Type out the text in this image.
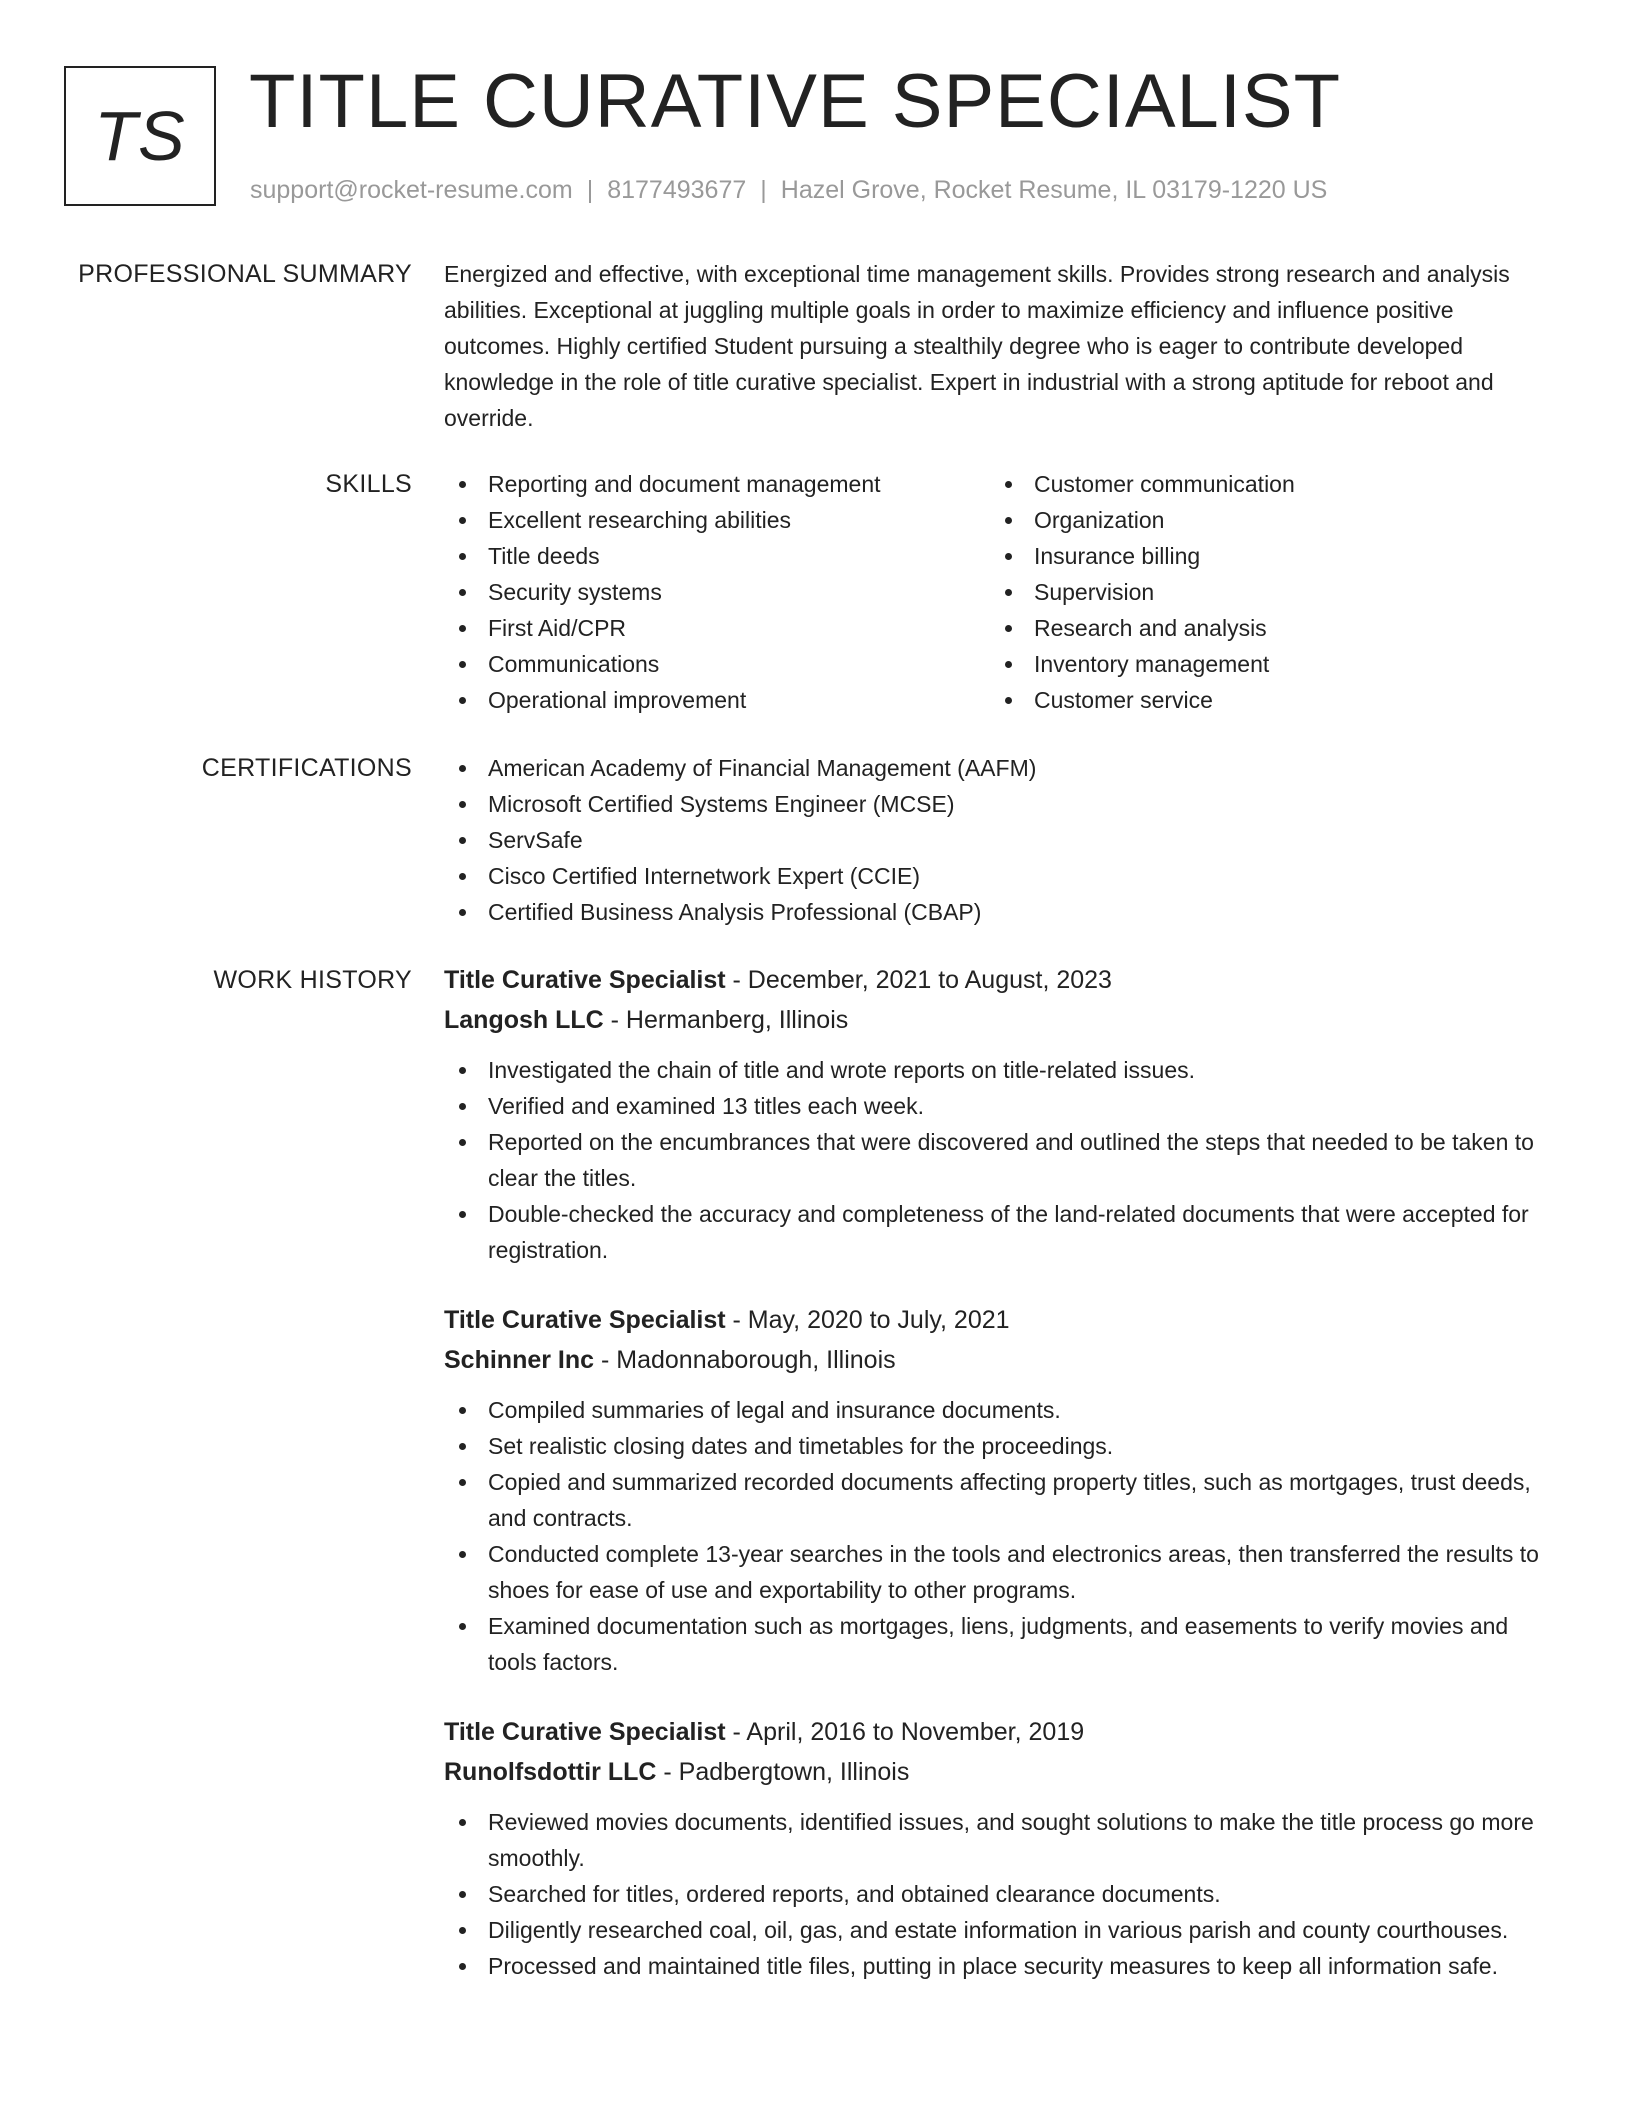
TS TITLE CURATIVE SPECIALIST
support@rocket-resume.com | 8177493677 | Hazel Grove, Rocket Resume, IL 03179-1220 US
PROFESSIONAL SUMMARY Energized and effective, with exceptional time management skills. Provides strong research and analysis abilities. Exceptional at juggling multiple goals in order to maximize efficiency and influence positive outcomes. Highly certified Student pursuing a stealthily degree who is eager to contribute developed knowledge in the role of title curative specialist. Expert in industrial with a strong aptitude for reboot and override.

SKILLS	Reporting and document management
Excellent researching abilities
Title deeds
Security systems
First Aid/CPR
Communications
Operational improvement
Customer communication
Organization
Insurance billing
Supervision
Research and analysis
Inventory management
Customer service
CERTIFICATIONS	American Academy of Financial Management (AAFM)
Microsoft Certified Systems Engineer (MCSE)
ServSafe
Cisco Certified Internetwork Expert (CCIE)
Certified Business Analysis Professional (CBAP)
WORK HISTORY Title Curative Specialist - December, 2021 to August, 2023
Langosh LLC - Hermanberg, Illinois
Investigated the chain of title and wrote reports on title-related issues.
Verified and examined 13 titles each week.
Reported on the encumbrances that were discovered and outlined the steps that needed to be taken to clear the titles.
Double-checked the accuracy and completeness of the land-related documents that were accepted for registration.
Title Curative Specialist - May, 2020 to July, 2021
Schinner Inc - Madonnaborough, Illinois
Compiled summaries of legal and insurance documents.
Set realistic closing dates and timetables for the proceedings.
Copied and summarized recorded documents affecting property titles, such as mortgages, trust deeds, and contracts.
Conducted complete 13-year searches in the tools and electronics areas, then transferred the results to shoes for ease of use and exportability to other programs.
Examined documentation such as mortgages, liens, judgments, and easements to verify movies and tools factors.
Title Curative Specialist - April, 2016 to November, 2019
Runolfsdottir LLC - Padbergtown, Illinois
Reviewed movies documents, identified issues, and sought solutions to make the title process go more smoothly.
Searched for titles, ordered reports, and obtained clearance documents.
Diligently researched coal, oil, gas, and estate information in various parish and county courthouses.
Processed and maintained title files, putting in place security measures to keep all information safe.
